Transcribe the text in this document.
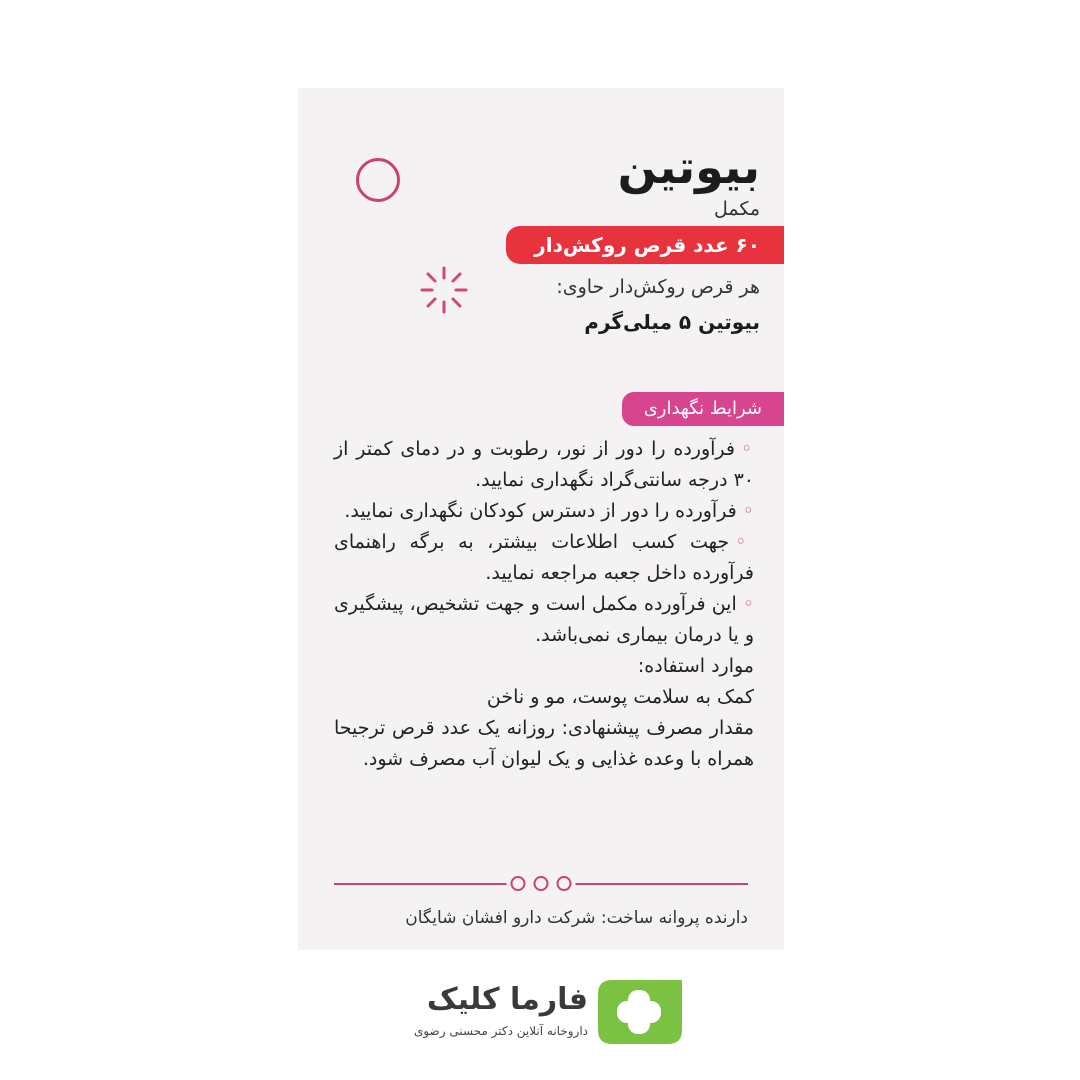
بیوتین
مکمل
۶۰ عدد قرص روکش‌دار
هر قرص روکش‌دار حاوی:
بیوتین ۵ میلی‌گرم
شرایط نگهداری

◦فرآورده را دور از نور، رطوبت و در دمای کمتر از ۳۰ درجه سانتی‌گراد نگهداری نمایید.

◦فرآورده را دور از دسترس کودکان نگهداری نمایید.

◦جهت کسب اطلاعات بیشتر، به برگه راهنمای فرآورده داخل جعبه مراجعه نمایید.

◦این فرآورده مکمل است و جهت تشخیص، پیشگیری و یا درمان بیماری نمی‌باشد.

موارد استفاده:

کمک به سلامت پوست، مو و ناخن

مقدار مصرف پیشنهادی: روزانه یک عدد قرص ترجیحا همراه با وعده غذایی و یک لیوان آب مصرف شود.

دارنده پروانه ساخت: شرکت دارو افشان شایگان
فارما کلیک
داروخانه آنلاین دکتر محسنی رضوی
